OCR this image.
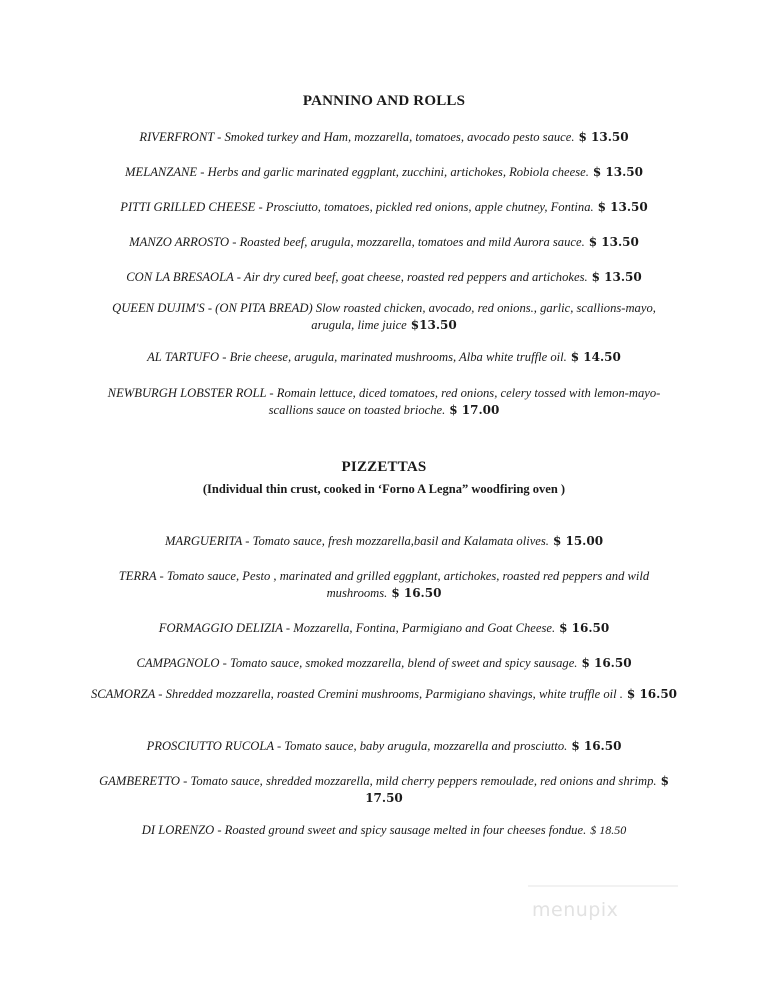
PANNINO AND ROLLS
RIVERFRONT - Smoked turkey and Ham, mozzarella, tomatoes, avocado pesto sauce. $ 13.50
MELANZANE - Herbs and garlic marinated eggplant, zucchini, artichokes, Robiola cheese. $ 13.50
PITTI GRILLED CHEESE - Prosciutto, tomatoes, pickled red onions, apple chutney, Fontina. $ 13.50
MANZO ARROSTO - Roasted beef, arugula, mozzarella, tomatoes and mild Aurora sauce. $ 13.50
CON LA BRESAOLA - Air dry cured beef, goat cheese, roasted red peppers and artichokes. $ 13.50
QUEEN DUJIM'S - (ON PITA BREAD) Slow roasted chicken, avocado, red onions., garlic, scallions-mayo, arugula, lime juice $13.50
AL TARTUFO - Brie cheese, arugula, marinated mushrooms, Alba white truffle oil. $ 14.50
NEWBURGH LOBSTER ROLL - Romain lettuce, diced tomatoes, red onions, celery tossed with lemon-mayo-scallions sauce on toasted brioche. $ 17.00
PIZZETTAS
(Individual thin crust, cooked in ‘Forno A Legna” woodfiring oven )
MARGUERITA - Tomato sauce, fresh mozzarella,basil and Kalamata olives. $ 15.00
TERRA - Tomato sauce, Pesto , marinated and grilled eggplant, artichokes, roasted red peppers and wild mushrooms. $ 16.50
FORMAGGIO DELIZIA - Mozzarella, Fontina, Parmigiano and Goat Cheese. $ 16.50
CAMPAGNOLO - Tomato sauce, smoked mozzarella, blend of sweet and spicy sausage. $ 16.50
SCAMORZA - Shredded mozzarella, roasted Cremini mushrooms, Parmigiano shavings, white truffle oil . $ 16.50
PROSCIUTTO RUCOLA - Tomato sauce, baby arugula, mozzarella and prosciutto. $ 16.50
GAMBERETTO - Tomato sauce, shredded mozzarella, mild cherry peppers remoulade, red onions and shrimp. $ 17.50
DI LORENZO - Roasted ground sweet and spicy sausage melted in four cheeses fondue. $ 18.50
menupix
